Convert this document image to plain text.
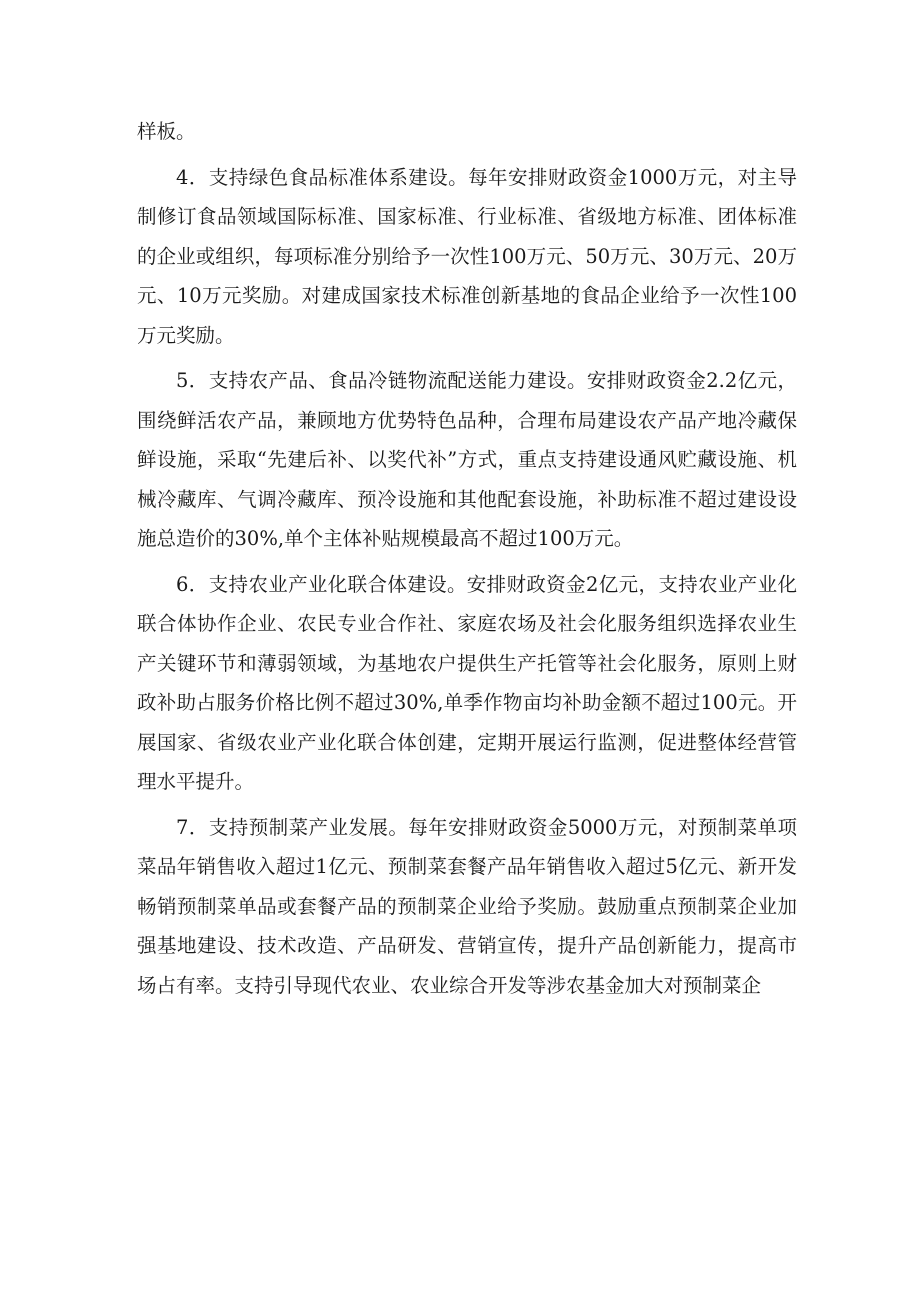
样板。

4．支持绿色食品标准体系建设。每年安排财政资金1000万元，对主导制修订食品领域国际标准、国家标准、行业标准、省级地方标准、团体标准的企业或组织，每项标准分别给予一次性100万元、50万元、30万元、20万元、10万元奖励。对建成国家技术标准创新基地的食品企业给予一次性100万元奖励。

5．支持农产品、食品冷链物流配送能力建设。安排财政资金2.2亿元，围绕鲜活农产品，兼顾地方优势特色品种，合理布局建设农产品产地冷藏保鲜设施，采取“先建后补、以奖代补”方式，重点支持建设通风贮藏设施、机械冷藏库、气调冷藏库、预冷设施和其他配套设施，补助标准不超过建设设施总造价的30%,单个主体补贴规模最高不超过100万元。

6．支持农业产业化联合体建设。安排财政资金2亿元，支持农业产业化联合体协作企业、农民专业合作社、家庭农场及社会化服务组织选择农业生产关键环节和薄弱领域，为基地农户提供生产托管等社会化服务，原则上财政补助占服务价格比例不超过30%,单季作物亩均补助金额不超过100元。开展国家、省级农业产业化联合体创建，定期开展运行监测，促进整体经营管理水平提升。

7．支持预制菜产业发展。每年安排财政资金5000万元，对预制菜单项菜品年销售收入超过1亿元、预制菜套餐产品年销售收入超过5亿元、新开发畅销预制菜单品或套餐产品的预制菜企业给予奖励。鼓励重点预制菜企业加强基地建设、技术改造、产品研发、营销宣传，提升产品创新能力，提高市场占有率。支持引导现代农业、农业综合开发等涉农基金加大对预制菜企
